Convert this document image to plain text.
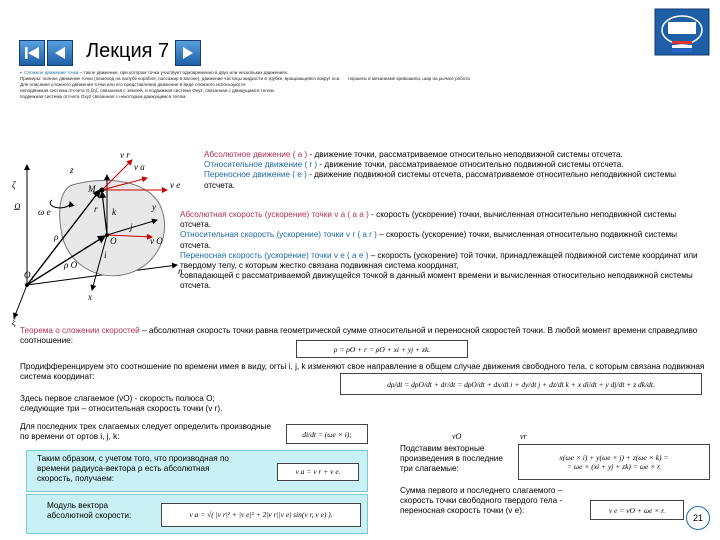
Лекция 7
•  Сложное движение точки – такое движение, при котором точка участвует одновременно в двух или нескольких движениях.
Примеры: полное движение точки (пешеход на палубе корабля, пассажир в вагоне), движение частицы жидкости в трубке, вращающейся вокруг оси. поршень в механизме кривошипа, шар на рычаге робота
Для описания сложного движения точки или его представления движение в виде сложного используются
неподвижная система отсчета O₁ξηζ, связанная с землей, и подвижная система Oxyz, связанная с движущимся телом.
подвижная система отсчета Oxyz связанная с некоторым движущимся телом.
ζ
Ω ω e
z
M
v r
v a
v e
r
ρ
ρ O
O
O₁
x
y
η
ξ
v O
i
j
k
Абсолютное движение ( a ) - движение точки, рассматриваемое относительно неподвижной системы отсчета.
Относительное движение ( r ) - движение точки, рассматриваемое относительно подвижной системы отсчета.
Переносное движение ( e ) - движение подвижной системы отсчета, рассматриваемое относительно неподвижной системы отсчета.
Абсолютная скорость (ускорение) точки v a ( a a ) - скорость (ускорение) точки, вычисленная относительно неподвижной системы отсчета.
Относительная скорость (ускорение) точки v r ( a r ) – скорость (ускорение) точки, вычисленная относительно подвижной системы отсчета.
Переносная скорость (ускорение) точки v e ( a e ) – скорость (ускорение) той точки, принадлежащей подвижной системе координат или твердому телу, с которым жестко связана подвижная система координат,
совпадающей с рассматриваемой движущейся точкой в данный момент времени и вычисленная относительно неподвижной системы отсчета.
Теорема о сложении скоростей – абсолютная скорость точки равна геометрической сумме относительной и переносной скоростей точки. В любой момент времени справедливо соотношение:
ρ = ρO + r = ρO + xi + yj + zk.
Продифференцируем это соотношение по времени имея в виду, orтьі i, j, k изменяют свое направление в общем случае движения свободного тела, с которым связана подвижная система координат:
dρ/dt = dρO/dt + dr/dt = dρO/dt + dx/dt i + dy/dt j + dz/dt k + x di/dt + y dj/dt + z dk/dt.
Здесь первое слагаемое (vO) - скорость полюса O;
следующие три – относительная скорость точки (v r).
Для последних трех слагаемых следует определить производные по времени от ортов i, j, k:	di/dt = (ωe × i);	vO	vr
Подставим векторные произведения в последние три слагаемые:
x(ωe × i) + y(ωe × j) + z(ωe × k) =
= ωe × (xi + yj + zk) = ωe × r.
Сумма первого и последнего слагаемого – скорость точки свободного твердого тела - переносная скорость точки (v e):	v e = vO + ωe × r.
Таким образом, с учетом того, что производная по времени радиуса-вектора ρ есть абсолютная скорость, получаем:
v a = v r + v e.
Модуль вектора абсолютной скорости:	v a = √( |v r|² + |v e|² + 2|v r||v e| sin(v r, v e) ).	21
